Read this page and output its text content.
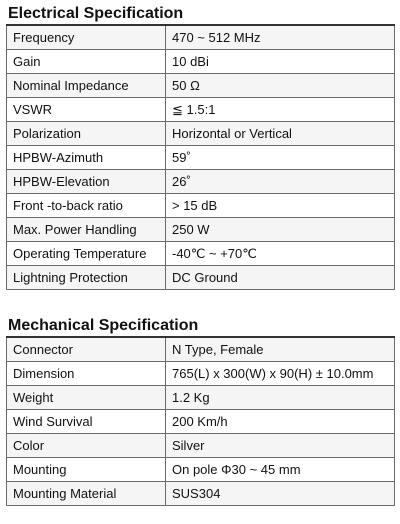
Electrical Specification
Frequency	470 ~ 512 MHz
Gain	10 dBi
Nominal Impedance	50 Ω
VSWR	≦ 1.5:1
Polarization	Horizontal or Vertical
HPBW-Azimuth	59˚
HPBW-Elevation	26˚
Front -to-back ratio	> 15 dB
Max. Power Handling	250 W
Operating Temperature	-40℃ ~ +70℃
Lightning Protection	DC Ground
Mechanical Specification
Connector	N Type, Female
Dimension	765(L) x 300(W) x 90(H) ± 10.0mm
Weight	1.2 Kg
Wind Survival	200 Km/h
Color	Silver
Mounting	On pole Φ30 ~ 45 mm
Mounting Material	SUS304
